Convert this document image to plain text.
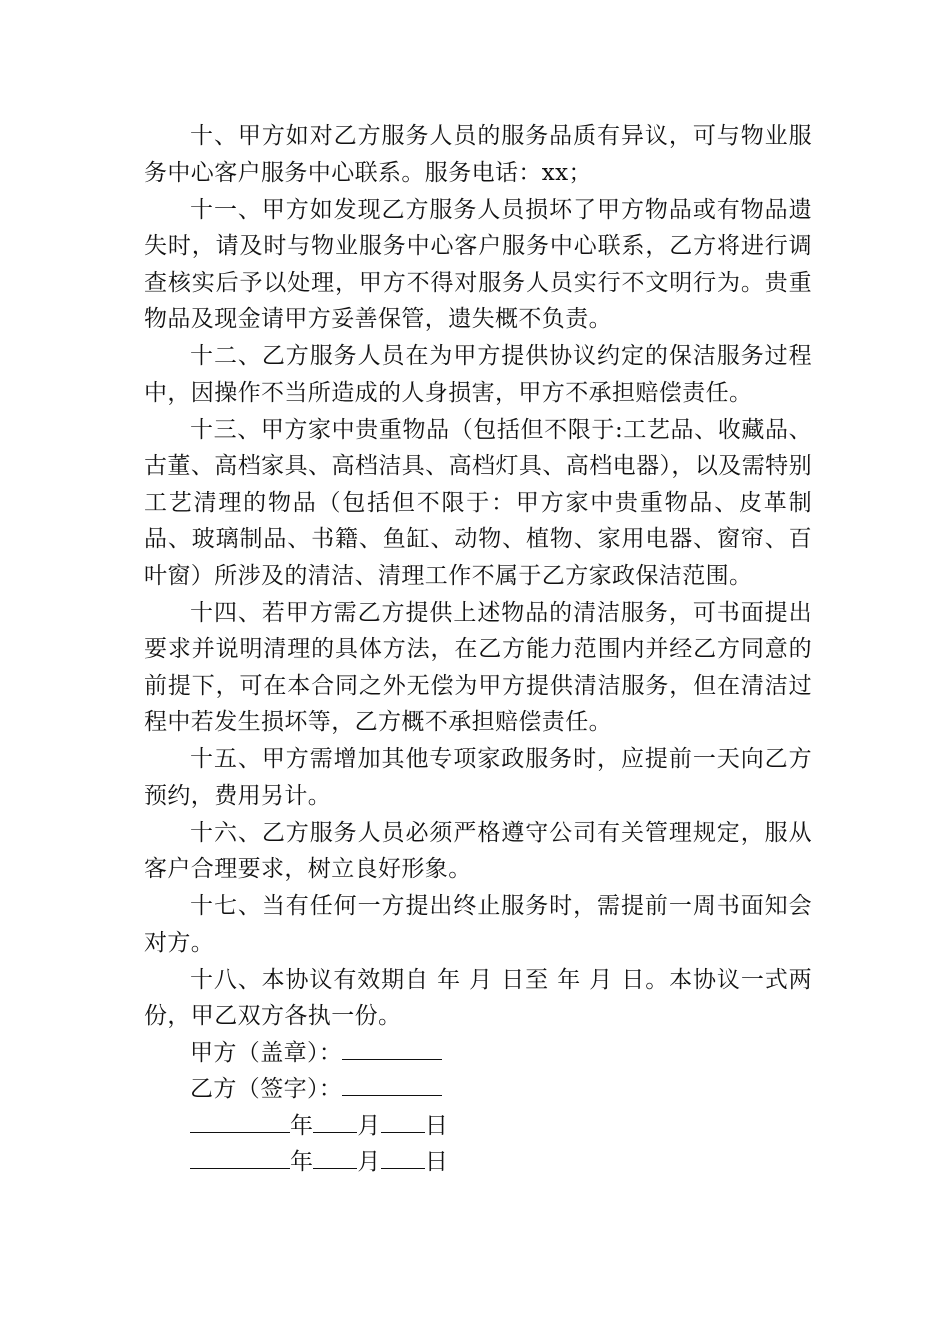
十、甲方如对乙方服务人员的服务品质有异议，可与物业服务中心客户服务中心联系。服务电话：xx；

十一、甲方如发现乙方服务人员损坏了甲方物品或有物品遗失时，请及时与物业服务中心客户服务中心联系，乙方将进行调查核实后予以处理，甲方不得对服务人员实行不文明行为。贵重物品及现金请甲方妥善保管，遗失概不负责。

十二、乙方服务人员在为甲方提供协议约定的保洁服务过程中，因操作不当所造成的人身损害，甲方不承担赔偿责任。

十三、甲方家中贵重物品（包括但不限于:工艺品、收藏品、古董、高档家具、高档洁具、高档灯具、高档电器），以及需特别工艺清理的物品（包括但不限于：甲方家中贵重物品、皮革制品、玻璃制品、书籍、鱼缸、动物、植物、家用电器、窗帘、百叶窗）所涉及的清洁、清理工作不属于乙方家政保洁范围。

十四、若甲方需乙方提供上述物品的清洁服务，可书面提出要求并说明清理的具体方法，在乙方能力范围内并经乙方同意的前提下，可在本合同之外无偿为甲方提供清洁服务，但在清洁过程中若发生损坏等，乙方概不承担赔偿责任。

十五、甲方需增加其他专项家政服务时，应提前一天向乙方预约，费用另计。

十六、乙方服务人员必须严格遵守公司有关管理规定，服从客户合理要求，树立良好形象。

十七、当有任何一方提出终止服务时，需提前一周书面知会对方。

十八、本协议有效期自 年 月 日至 年 月 日。本协议一式两份，甲乙双方各执一份。

甲方（盖章）：

乙方（签字）：

年 月 日

年 月 日
